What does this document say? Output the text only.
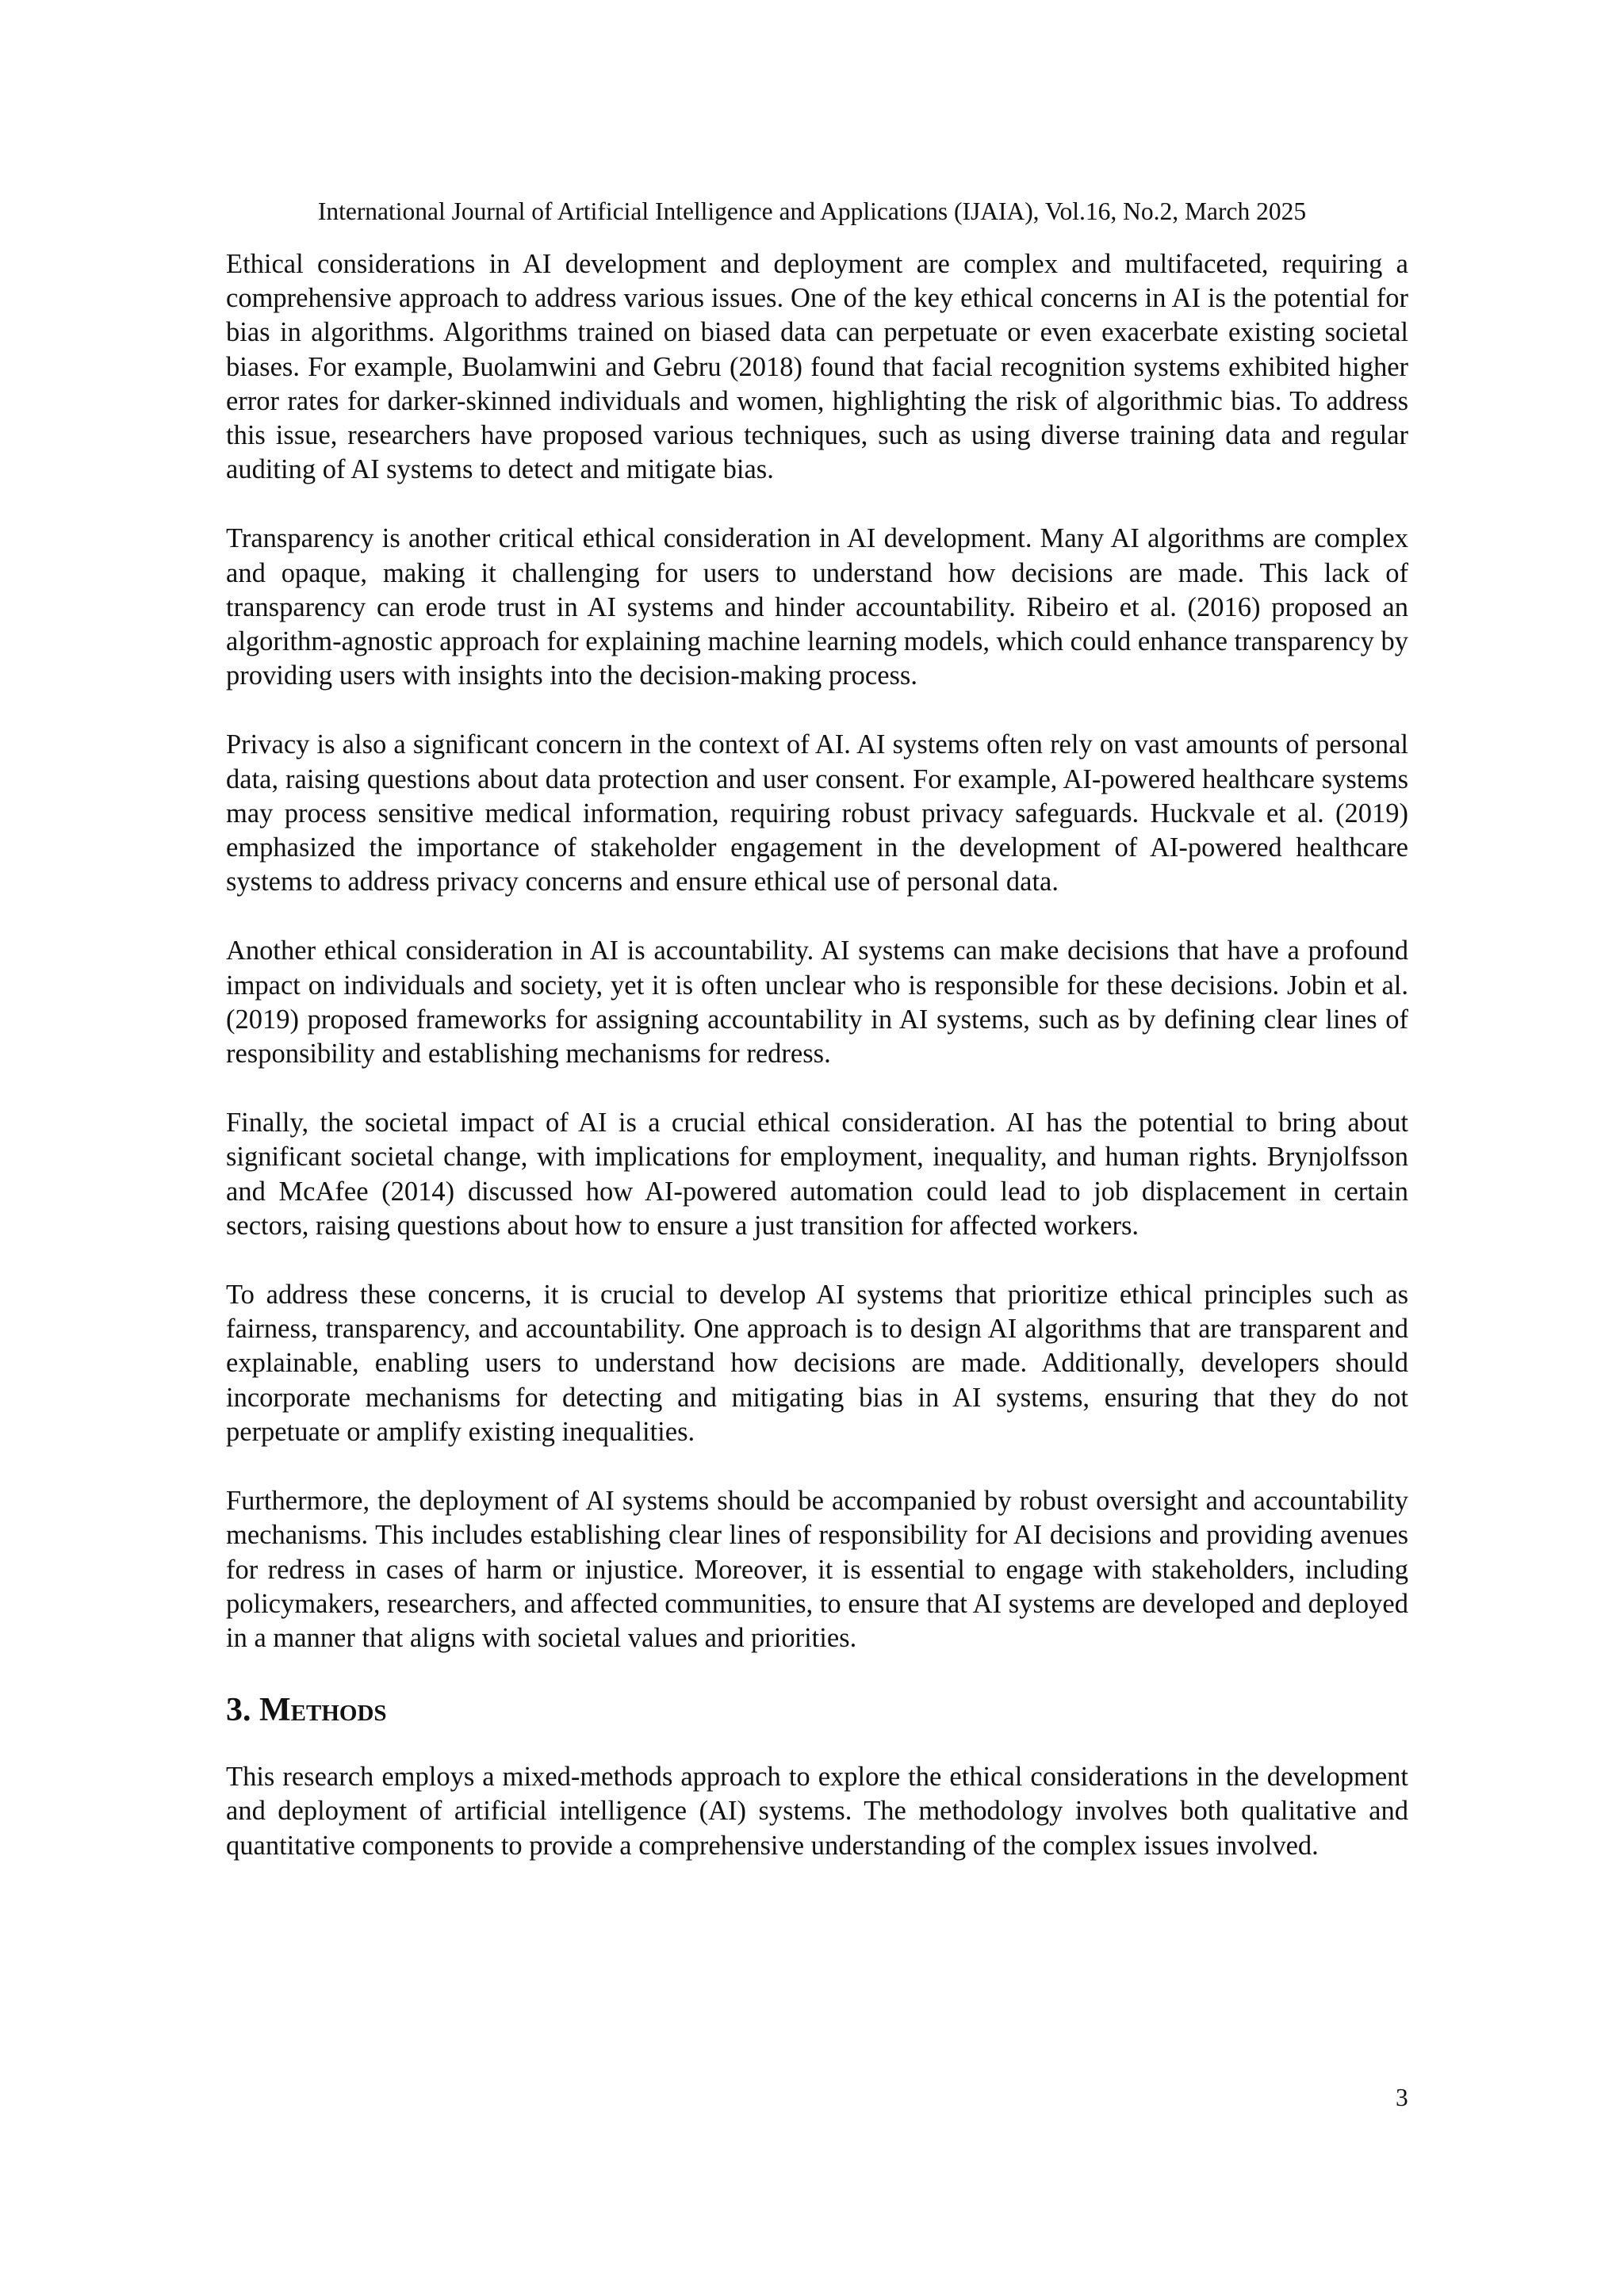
International Journal of Artificial Intelligence and Applications (IJAIA), Vol.16, No.2, March 2025

Ethical considerations in AI development and deployment are complex and multifaceted, requiring a comprehensive approach to address various issues. One of the key ethical concerns in AI is the potential for bias in algorithms. Algorithms trained on biased data can perpetuate or even exacerbate existing societal biases. For example, Buolamwini and Gebru (2018) found that facial recognition systems exhibited higher error rates for darker-skinned individuals and women, highlighting the risk of algorithmic bias. To address this issue, researchers have proposed various techniques, such as using diverse training data and regular auditing of AI systems to detect and mitigate bias.

Transparency is another critical ethical consideration in AI development. Many AI algorithms are complex and opaque, making it challenging for users to understand how decisions are made. This lack of transparency can erode trust in AI systems and hinder accountability. Ribeiro et al. (2016) proposed an algorithm-agnostic approach for explaining machine learning models, which could enhance transparency by providing users with insights into the decision-making process.

Privacy is also a significant concern in the context of AI. AI systems often rely on vast amounts of personal data, raising questions about data protection and user consent. For example, AI-powered healthcare systems may process sensitive medical information, requiring robust privacy safeguards. Huckvale et al. (2019) emphasized the importance of stakeholder engagement in the development of AI-powered healthcare systems to address privacy concerns and ensure ethical use of personal data.

Another ethical consideration in AI is accountability. AI systems can make decisions that have a profound impact on individuals and society, yet it is often unclear who is responsible for these decisions. Jobin et al. (2019) proposed frameworks for assigning accountability in AI systems, such as by defining clear lines of responsibility and establishing mechanisms for redress.

Finally, the societal impact of AI is a crucial ethical consideration. AI has the potential to bring about significant societal change, with implications for employment, inequality, and human rights. Brynjolfsson and McAfee (2014) discussed how AI-powered automation could lead to job displacement in certain sectors, raising questions about how to ensure a just transition for affected workers.

To address these concerns, it is crucial to develop AI systems that prioritize ethical principles such as fairness, transparency, and accountability. One approach is to design AI algorithms that are transparent and explainable, enabling users to understand how decisions are made. Additionally, developers should incorporate mechanisms for detecting and mitigating bias in AI systems, ensuring that they do not perpetuate or amplify existing inequalities.

Furthermore, the deployment of AI systems should be accompanied by robust oversight and accountability mechanisms. This includes establishing clear lines of responsibility for AI decisions and providing avenues for redress in cases of harm or injustice. Moreover, it is essential to engage with stakeholders, including policymakers, researchers, and affected communities, to ensure that AI systems are developed and deployed in a manner that aligns with societal values and priorities.

3. Methods

This research employs a mixed-methods approach to explore the ethical considerations in the development and deployment of artificial intelligence (AI) systems. The methodology involves both qualitative and quantitative components to provide a comprehensive understanding of the complex issues involved.

3
